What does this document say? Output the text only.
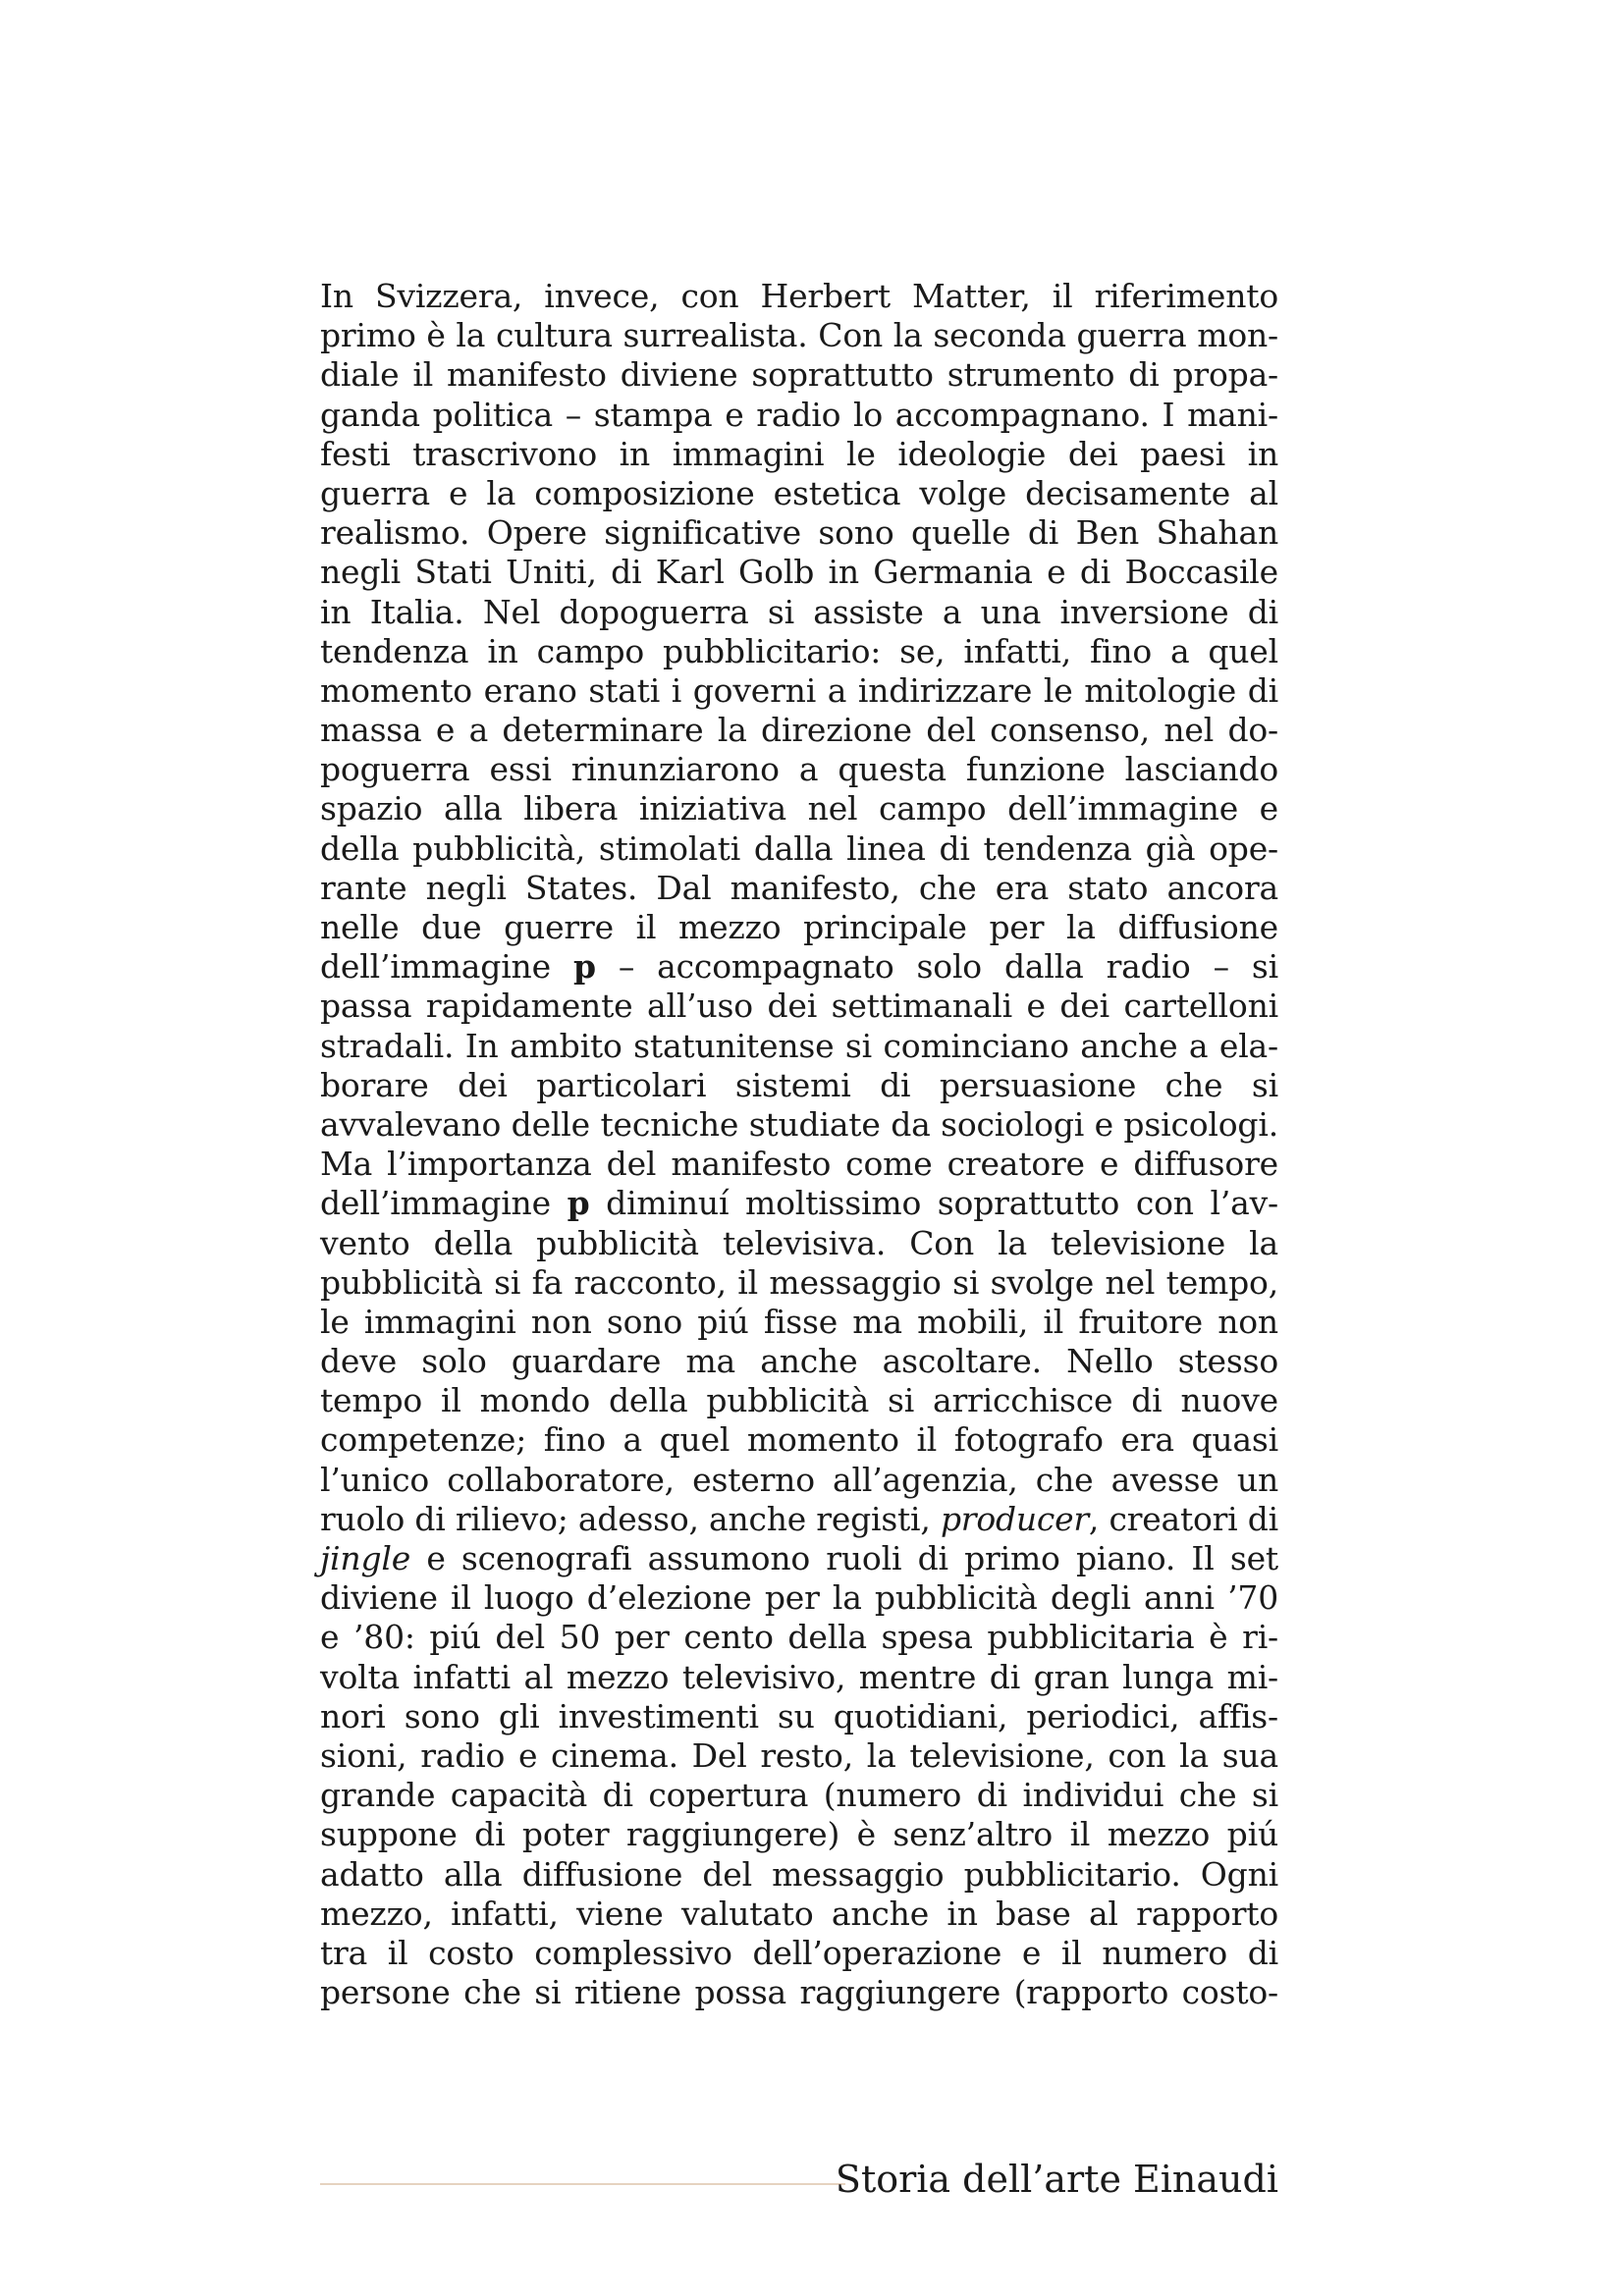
In Svizzera, invece, con Herbert Matter, il riferimento
primo è la cultura surrealista. Con la seconda guerra mon-
diale il manifesto diviene soprattutto strumento di propa-
ganda politica – stampa e radio lo accompagnano. I mani-
festi trascrivono in immagini le ideologie dei paesi in
guerra e la composizione estetica volge decisamente al
realismo. Opere significative sono quelle di Ben Shahan
negli Stati Uniti, di Karl Golb in Germania e di Boccasile
in Italia. Nel dopoguerra si assiste a una inversione di
tendenza in campo pubblicitario: se, infatti, fino a quel
momento erano stati i governi a indirizzare le mitologie di
massa e a determinare la direzione del consenso, nel do-
poguerra essi rinunziarono a questa funzione lasciando
spazio alla libera iniziativa nel campo dell’immagine e
della pubblicità, stimolati dalla linea di tendenza già ope-
rante negli States. Dal manifesto, che era stato ancora
nelle due guerre il mezzo principale per la diffusione
dell’immagine p – accompagnato solo dalla radio – si
passa rapidamente all’uso dei settimanali e dei cartelloni
stradali. In ambito statunitense si cominciano anche a ela-
borare dei particolari sistemi di persuasione che si
avvalevano delle tecniche studiate da sociologi e psicologi.
Ma l’importanza del manifesto come creatore e diffusore
dell’immagine p diminuí moltissimo soprattutto con l’av-
vento della pubblicità televisiva. Con la televisione la
pubblicità si fa racconto, il messaggio si svolge nel tempo,
le immagini non sono piú fisse ma mobili, il fruitore non
deve solo guardare ma anche ascoltare. Nello stesso
tempo il mondo della pubblicità si arricchisce di nuove
competenze; fino a quel momento il fotografo era quasi
l’unico collaboratore, esterno all’agenzia, che avesse un
ruolo di rilievo; adesso, anche registi, producer, creatori di
jingle e scenografi assumono ruoli di primo piano. Il set
diviene il luogo d’elezione per la pubblicità degli anni ’70
e ’80: piú del 50 per cento della spesa pubblicitaria è ri-
volta infatti al mezzo televisivo, mentre di gran lunga mi-
nori sono gli investimenti su quotidiani, periodici, affis-
sioni, radio e cinema. Del resto, la televisione, con la sua
grande capacità di copertura (numero di individui che si
suppone di poter raggiungere) è senz’altro il mezzo piú
adatto alla diffusione del messaggio pubblicitario. Ogni
mezzo, infatti, viene valutato anche in base al rapporto
tra il costo complessivo dell’operazione e il numero di
persone che si ritiene possa raggiungere (rapporto costo-
Storia dell’arte Einaudi
